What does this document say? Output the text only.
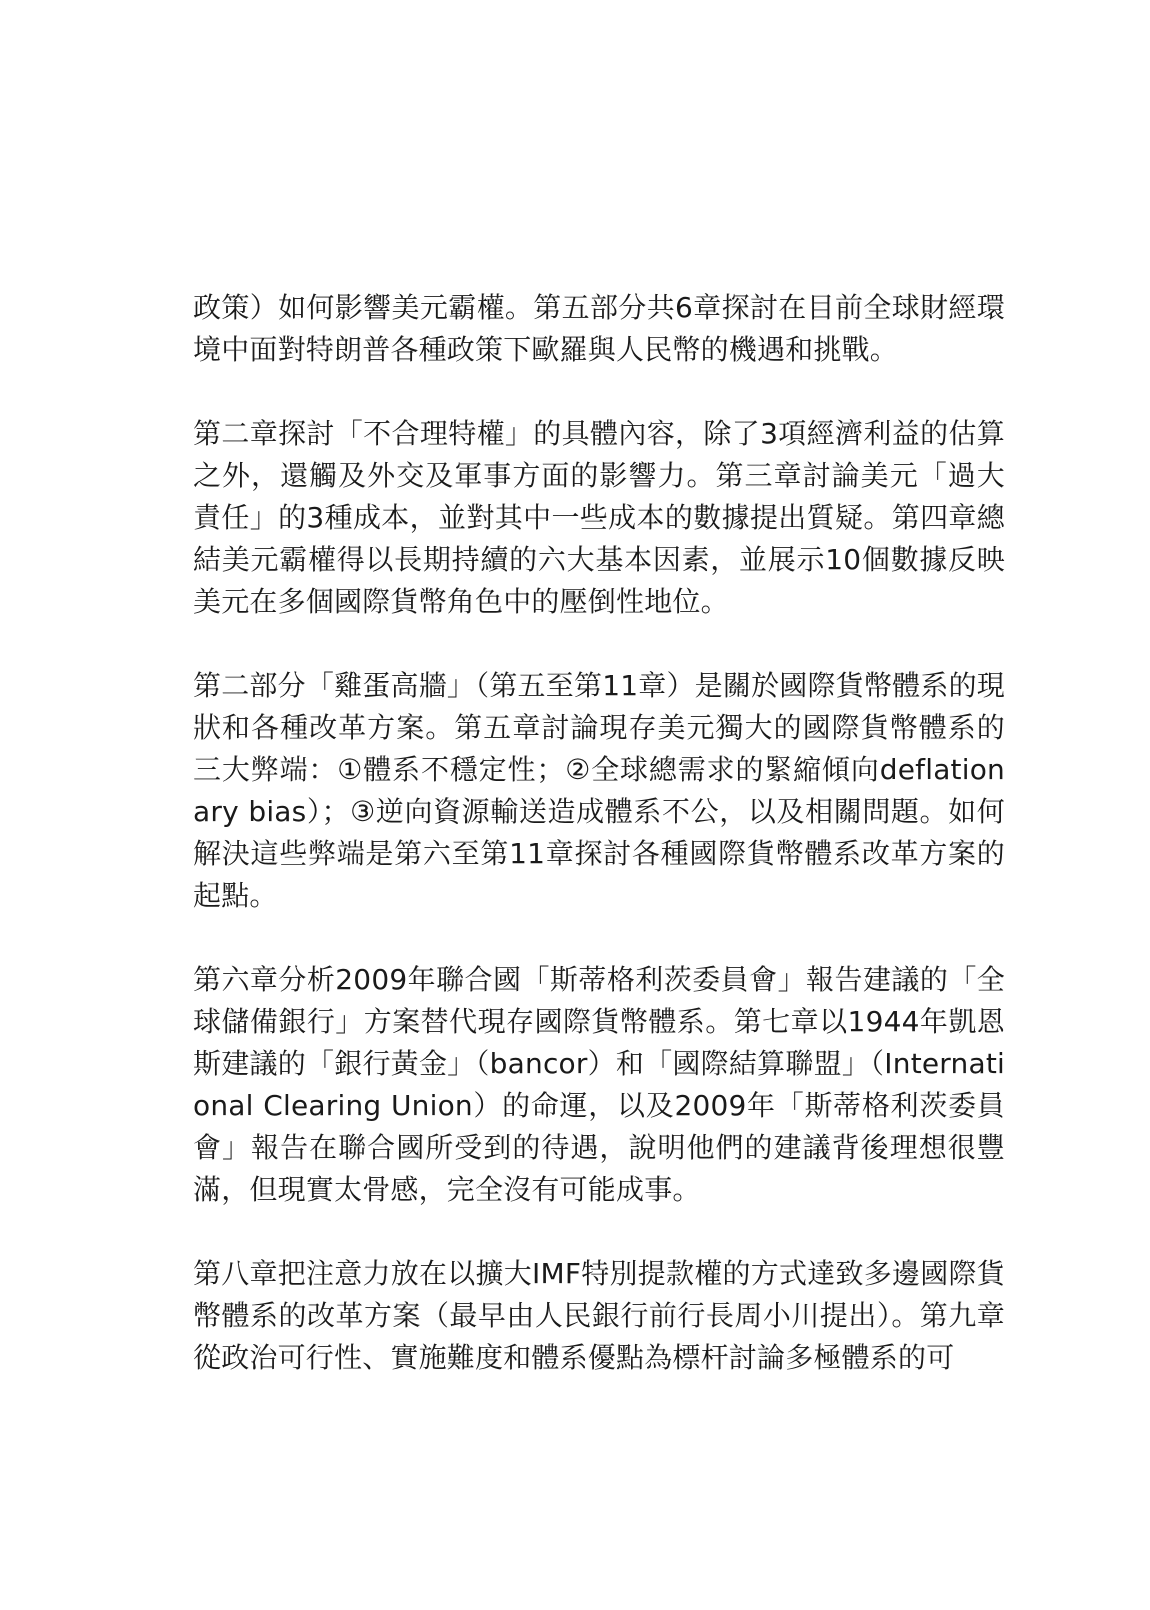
政策）如何影響美元霸權。第五部分共6章探討在目前全球財經環境中面對特朗普各種政策下歐羅與人民幣的機遇和挑戰。

第二章探討「不合理特權」的具體內容，除了3項經濟利益的估算之外，還觸及外交及軍事方面的影響力。第三章討論美元「過大責任」的3種成本，並對其中一些成本的數據提出質疑。第四章總結美元霸權得以長期持續的六大基本因素，並展示10個數據反映美元在多個國際貨幣角色中的壓倒性地位。

第二部分「雞蛋高牆」（第五至第11章）是關於國際貨幣體系的現狀和各種改革方案。第五章討論現存美元獨大的國際貨幣體系的三大弊端：①體系不穩定性；②全球總需求的緊縮傾向deflationary bias）；③逆向資源輸送造成體系不公，以及相關問題。如何解決這些弊端是第六至第11章探討各種國際貨幣體系改革方案的起點。

第六章分析2009年聯合國「斯蒂格利茨委員會」報告建議的「全球儲備銀行」方案替代現存國際貨幣體系。第七章以1944年凱恩斯建議的「銀行黃金」（bancor）和「國際結算聯盟」（International Clearing Union）的命運，以及2009年「斯蒂格利茨委員會」報告在聯合國所受到的待遇，說明他們的建議背後理想很豐滿，但現實太骨感，完全沒有可能成事。

第八章把注意力放在以擴大IMF特別提款權的方式達致多邊國際貨幣體系的改革方案（最早由人民銀行前行長周小川提出）。第九章從政治可行性、實施難度和體系優點為標杆討論多極體系的可
